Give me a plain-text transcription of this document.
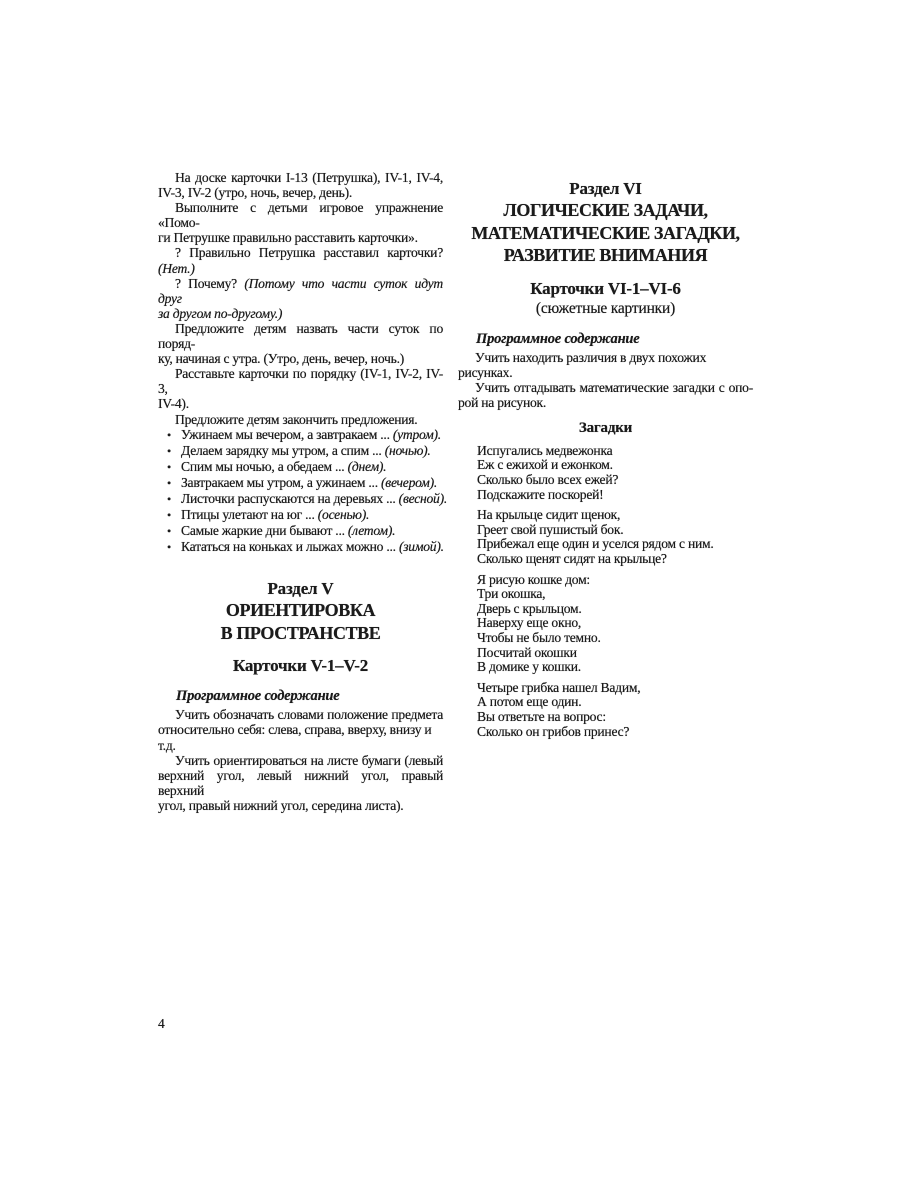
На доске карточки I-13 (Петрушка), IV-1, IV-4,
IV-3, IV-2 (утро, ночь, вечер, день).
Выполните с детьми игровое упражнение «Помо-
ги Петрушке правильно расставить карточки».
? Правильно Петрушка расставил карточки?
(Нет.)
? Почему? (Потому что части суток идут друг
за другом по-другому.)
Предложите детям назвать части суток по поряд-
ку, начиная с утра. (Утро, день, вечер, ночь.)
Расставьте карточки по порядку (IV-1, IV-2, IV-3,
IV-4).
Предложите детям закончить предложения.
• Ужинаем мы вечером, а завтракаем ... (утром).
• Делаем зарядку мы утром, а спим ... (ночью).
• Спим мы ночью, а обедаем ... (днем).
• Завтракаем мы утром, а ужинаем ... (вечером).
• Листочки распускаются на деревьях ... (весной).
• Птицы улетают на юг ... (осенью).
• Самые жаркие дни бывают ... (летом).
• Кататься на коньках и лыжах можно ... (зимой).
Раздел V
ОРИЕНТИРОВКА
В ПРОСТРАНСТВЕ
Карточки V-1–V-2
Программное содержание
Учить обозначать словами положение предмета
относительно себя: слева, справа, вверху, внизу и т.д.
Учить ориентироваться на листе бумаги (левый
верхний угол, левый нижний угол, правый верхний
угол, правый нижний угол, середина листа).
Раздел VI
ЛОГИЧЕСКИЕ ЗАДАЧИ,
МАТЕМАТИЧЕСКИЕ ЗАГАДКИ,
РАЗВИТИЕ ВНИМАНИЯ
Карточки VI-1–VI-6
(сюжетные картинки)
Программное содержание
Учить находить различия в двух похожих рисунках.
Учить отгадывать математические загадки с опо-
рой на рисунок.
Загадки
Испугались медвежонка
Еж с ежихой и ежонком.
Сколько было всех ежей?
Подскажите поскорей!
На крыльце сидит щенок,
Греет свой пушистый бок.
Прибежал еще один и уселся рядом с ним.
Сколько щенят сидят на крыльце?
Я рисую кошке дом:
Три окошка,
Дверь с крыльцом.
Наверху еще окно,
Чтобы не было темно.
Посчитай окошки
В домике у кошки.
Четыре грибка нашел Вадим,
А потом еще один.
Вы ответьте на вопрос:
Сколько он грибов принес?
4
